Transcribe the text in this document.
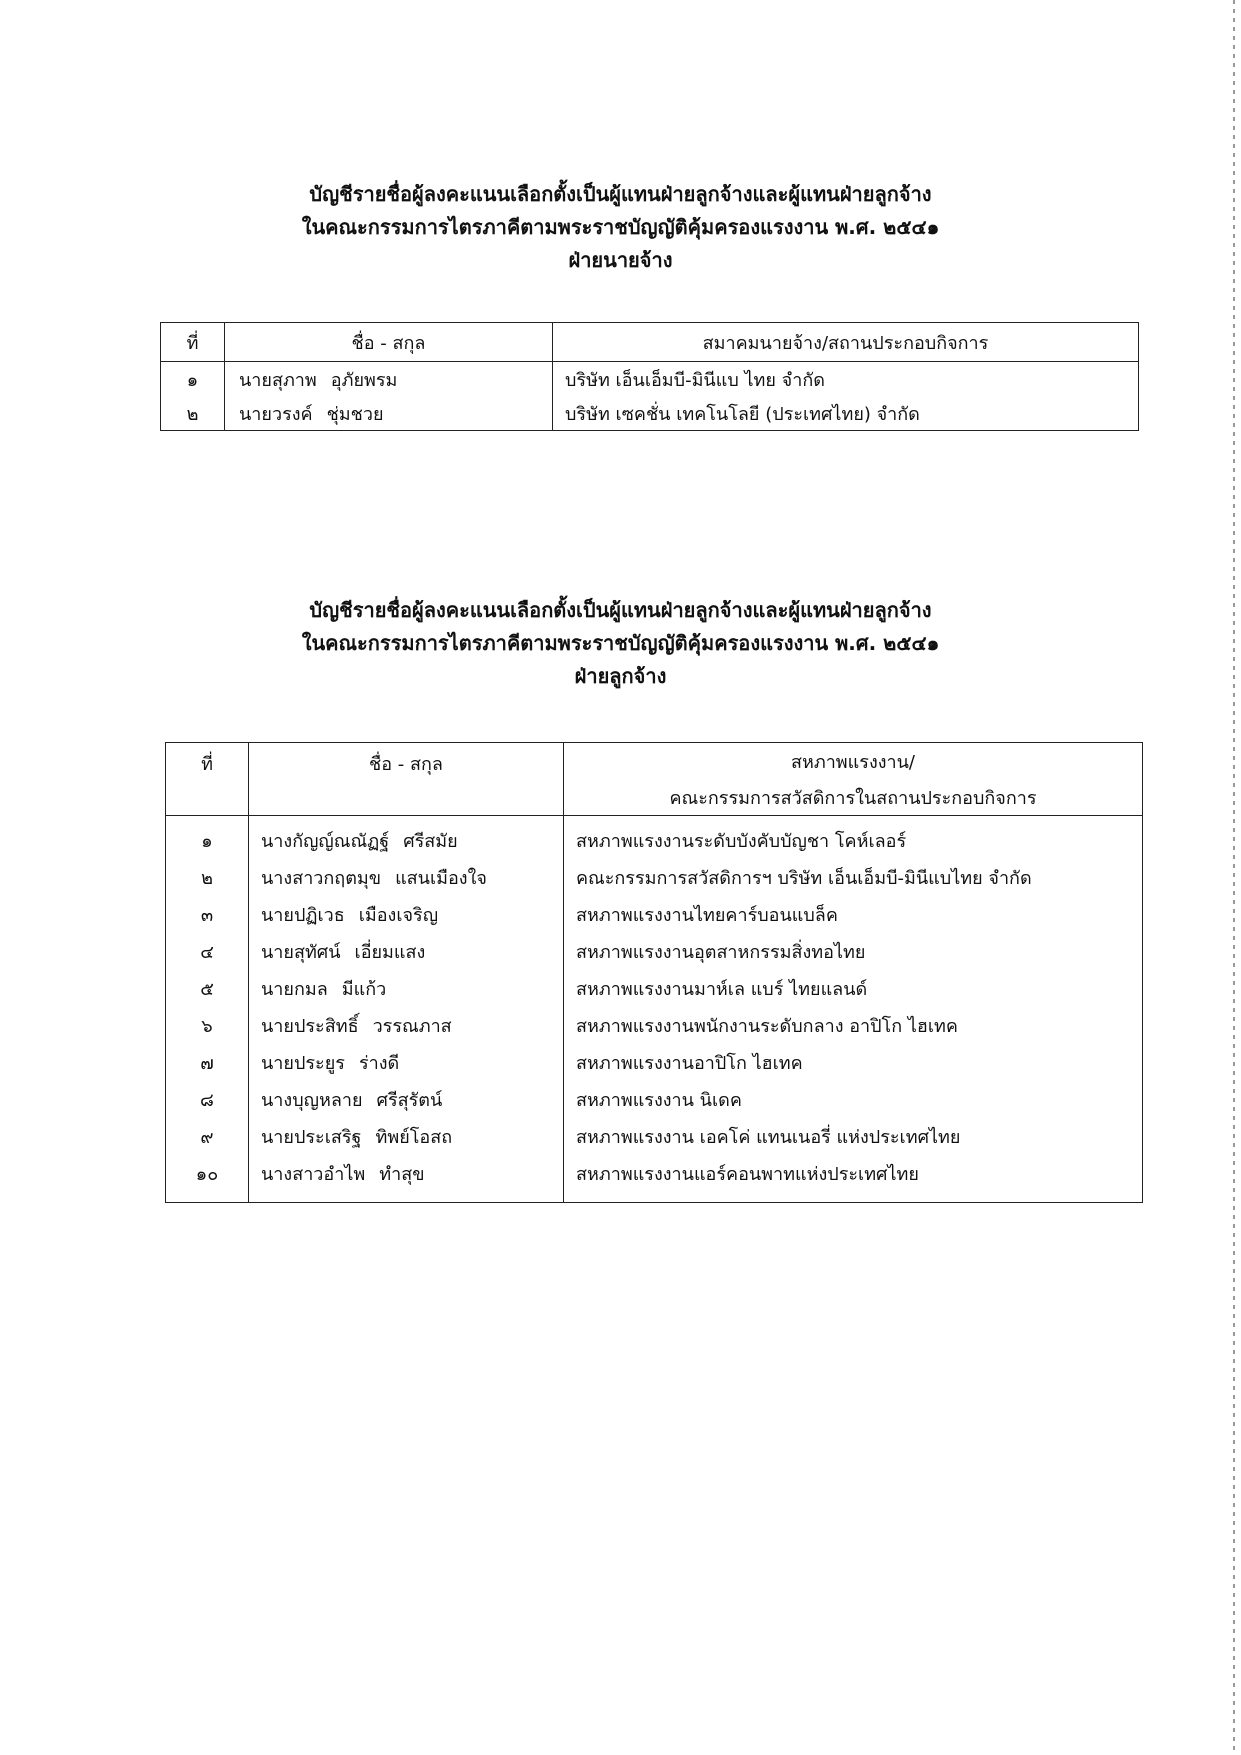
บัญชีรายชื่อผู้ลงคะแนนเลือกตั้งเป็นผู้แทนฝ่ายลูกจ้างและผู้แทนฝ่ายลูกจ้าง
ในคณะกรรมการไตรภาคีตามพระราชบัญญัติคุ้มครองแรงงาน พ.ศ. ๒๕๔๑
ฝ่ายนายจ้าง
ที่	ชื่อ - สกุล	สมาคมนายจ้าง/สถานประกอบกิจการ
๑	นายสุภาพ อุภัยพรม	บริษัท เอ็นเอ็มบี-มินีแบ ไทย จำกัด
๒	นายวรงค์ ชุ่มชวย	บริษัท เซคชั่น เทคโนโลยี (ประเทศไทย) จำกัด
บัญชีรายชื่อผู้ลงคะแนนเลือกตั้งเป็นผู้แทนฝ่ายลูกจ้างและผู้แทนฝ่ายลูกจ้าง
ในคณะกรรมการไตรภาคีตามพระราชบัญญัติคุ้มครองแรงงาน พ.ศ. ๒๕๔๑
ฝ่ายลูกจ้าง
ที่	ชื่อ - สกุล	สหภาพแรงงาน/
		คณะกรรมการสวัสดิการในสถานประกอบกิจการ
๑	นางกัญญ์ณณัฏฐ์ ศรีสมัย	สหภาพแรงงานระดับบังคับบัญชา โคห์เลอร์
๒	นางสาวกฤตมุข แสนเมืองใจ	คณะกรรมการสวัสดิการฯ บริษัท เอ็นเอ็มบี-มินีแบไทย จำกัด
๓	นายปฏิเวธ เมืองเจริญ	สหภาพแรงงานไทยคาร์บอนแบล็ค
๔	นายสุทัศน์ เอี่ยมแสง	สหภาพแรงงานอุตสาหกรรมสิ่งทอไทย
๕	นายกมล มีแก้ว	สหภาพแรงงานมาห์เล แบร์ ไทยแลนด์
๖	นายประสิทธิ์ วรรณภาส	สหภาพแรงงานพนักงานระดับกลาง อาปิโก ไฮเทค
๗	นายประยูร ร่างดี	สหภาพแรงงานอาปิโก ไฮเทค
๘	นางบุญหลาย ศรีสุรัตน์	สหภาพแรงงาน นิเดค
๙	นายประเสริฐ ทิพย์โอสถ	สหภาพแรงงาน เอคโค่ แทนเนอรี่ แห่งประเทศไทย
๑๐	นางสาวอำไพ ทำสุข	สหภาพแรงงานแอร์คอนพาทแห่งประเทศไทย
